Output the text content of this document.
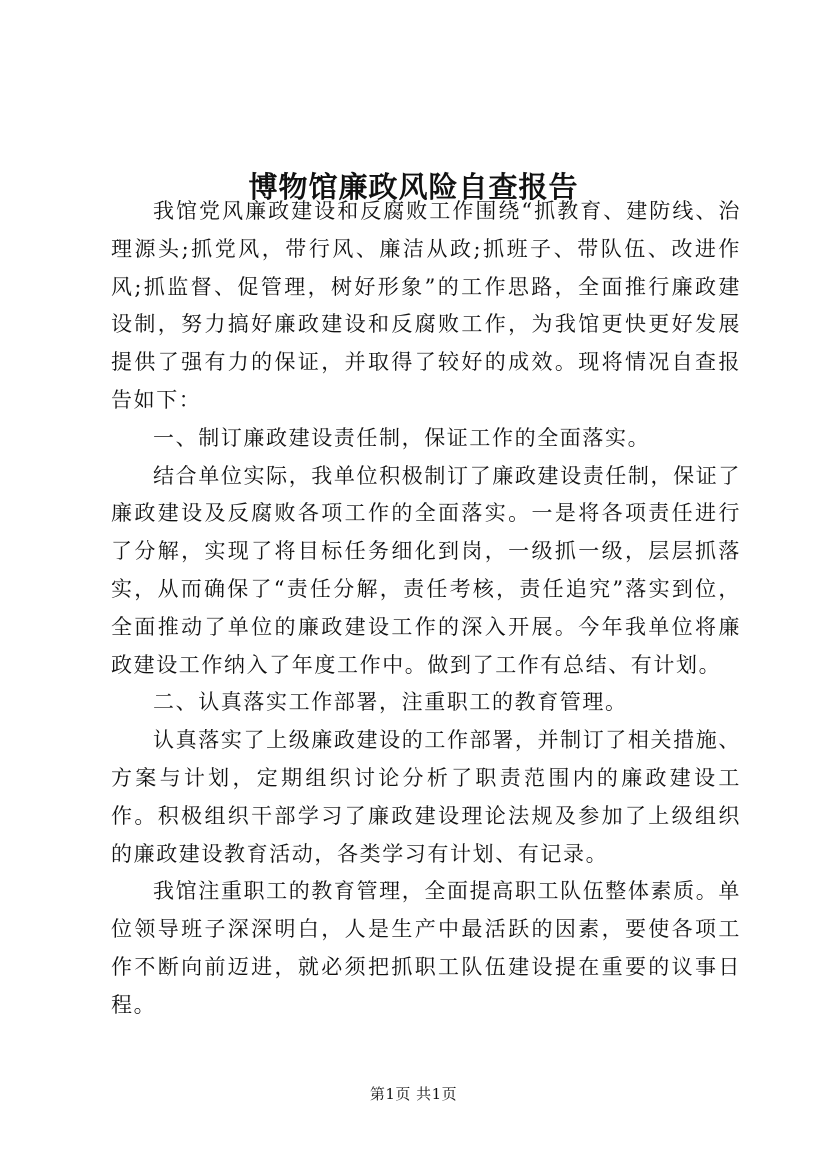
博物馆廉政风险自查报告

我馆党风廉政建设和反腐败工作围绕“抓教育、建防线、治理源头;抓党风，带行风、廉洁从政;抓班子、带队伍、改进作风;抓监督、促管理，树好形象”的工作思路，全面推行廉政建设制，努力搞好廉政建设和反腐败工作，为我馆更快更好发展提供了强有力的保证，并取得了较好的成效。现将情况自查报告如下：

一、制订廉政建设责任制，保证工作的全面落实。

结合单位实际，我单位积极制订了廉政建设责任制，保证了廉政建设及反腐败各项工作的全面落实。一是将各项责任进行了分解，实现了将目标任务细化到岗，一级抓一级，层层抓落实，从而确保了“责任分解，责任考核，责任追究”落实到位，全面推动了单位的廉政建设工作的深入开展。今年我单位将廉政建设工作纳入了年度工作中。做到了工作有总结、有计划。

二、认真落实工作部署，注重职工的教育管理。

认真落实了上级廉政建设的工作部署，并制订了相关措施、方案与计划，定期组织讨论分析了职责范围内的廉政建设工作。积极组织干部学习了廉政建设理论法规及参加了上级组织的廉政建设教育活动，各类学习有计划、有记录。

我馆注重职工的教育管理，全面提高职工队伍整体素质。单位领导班子深深明白，人是生产中最活跃的因素，要使各项工作不断向前迈进，就必须把抓职工队伍建设提在重要的议事日程。

第1页 共1页
